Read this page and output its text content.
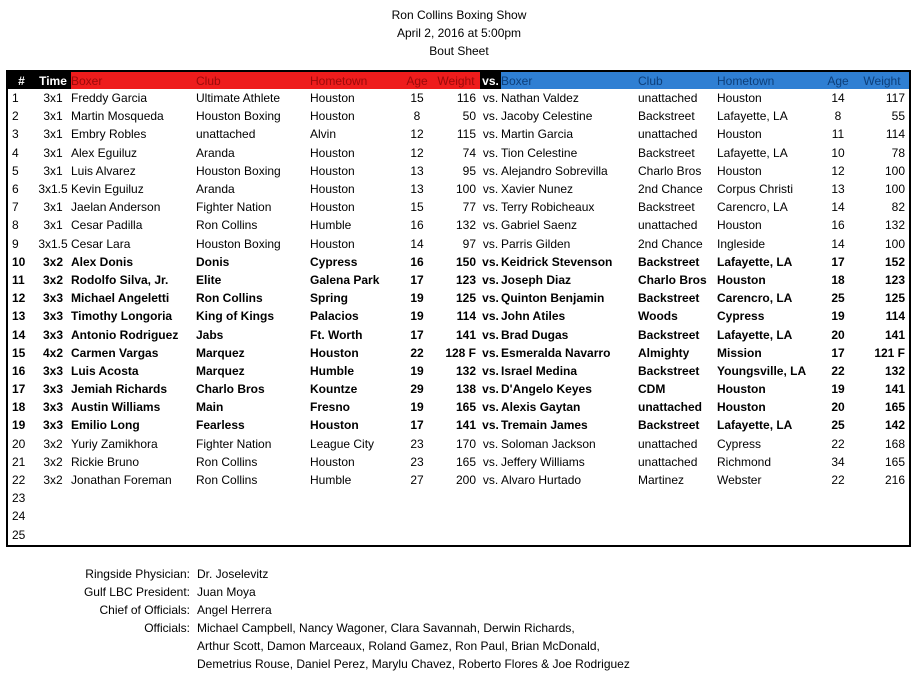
Ron Collins Boxing Show
April 2, 2016 at 5:00pm
Bout Sheet
#	Time	Boxer	Club	Hometown	Age	Weight	vs.	Boxer	Club	Hometown	Age	Weight
1	3x1	Freddy Garcia	Ultimate Athlete	Houston	15	116	vs.	Nathan Valdez	unattached	Houston	14	117
2	3x1	Martin Mosqueda	Houston Boxing	Houston	8	50	vs.	Jacoby Celestine	Backstreet	Lafayette, LA	8	55
3	3x1	Embry Robles	unattached	Alvin	12	115	vs.	Martin Garcia	unattached	Houston	11	114
4	3x1	Alex Eguiluz	Aranda	Houston	12	74	vs.	Tion Celestine	Backstreet	Lafayette, LA	10	78
5	3x1	Luis Alvarez	Houston Boxing	Houston	13	95	vs.	Alejandro Sobrevilla	Charlo Bros	Houston	12	100
6	3x1.5	Kevin Eguiluz	Aranda	Houston	13	100	vs.	Xavier Nunez	2nd Chance	Corpus Christi	13	100
7	3x1	Jaelan Anderson	Fighter Nation	Houston	15	77	vs.	Terry Robicheaux	Backstreet	Carencro, LA	14	82
8	3x1	Cesar Padilla	Ron Collins	Humble	16	132	vs.	Gabriel Saenz	unattached	Houston	16	132
9	3x1.5	Cesar Lara	Houston Boxing	Houston	14	97	vs.	Parris Gilden	2nd Chance	Ingleside	14	100
10	3x2	Alex Donis	Donis	Cypress	16	150	vs.	Keidrick Stevenson	Backstreet	Lafayette, LA	17	152
11	3x2	Rodolfo Silva, Jr.	Elite	Galena Park	17	123	vs.	Joseph Diaz	Charlo Bros	Houston	18	123
12	3x3	Michael Angeletti	Ron Collins	Spring	19	125	vs.	Quinton Benjamin	Backstreet	Carencro, LA	25	125
13	3x3	Timothy Longoria	King of Kings	Palacios	19	114	vs.	John Atiles	Woods	Cypress	19	114
14	3x3	Antonio Rodriguez	Jabs	Ft. Worth	17	141	vs.	Brad Dugas	Backstreet	Lafayette, LA	20	141
15	4x2	Carmen Vargas	Marquez	Houston	22	128 F	vs.	Esmeralda Navarro	Almighty	Mission	17	121 F
16	3x3	Luis Acosta	Marquez	Humble	19	132	vs.	Israel Medina	Backstreet	Youngsville, LA	22	132
17	3x3	Jemiah Richards	Charlo Bros	Kountze	29	138	vs.	D'Angelo Keyes	CDM	Houston	19	141
18	3x3	Austin Williams	Main	Fresno	19	165	vs.	Alexis Gaytan	unattached	Houston	20	165
19	3x3	Emilio Long	Fearless	Houston	17	141	vs.	Tremain James	Backstreet	Lafayette, LA	25	142
20	3x2	Yuriy Zamikhora	Fighter Nation	League City	23	170	vs.	Soloman Jackson	unattached	Cypress	22	168
21	3x2	Rickie Bruno	Ron Collins	Houston	23	165	vs.	Jeffery Williams	unattached	Richmond	34	165
22	3x2	Jonathan Foreman	Ron Collins	Humble	27	200	vs.	Alvaro Hurtado	Martinez	Webster	22	216
23												
24												
25												
Ringside Physician: Dr. Joselevitz
Gulf LBC President: Juan Moya
Chief of Officials: Angel Herrera
Officials: Michael Campbell, Nancy Wagoner, Clara Savannah, Derwin Richards,
Arthur Scott, Damon Marceaux, Roland Gamez, Ron Paul, Brian McDonald,
Demetrius Rouse, Daniel Perez, Marylu Chavez, Roberto Flores & Joe Rodriguez
